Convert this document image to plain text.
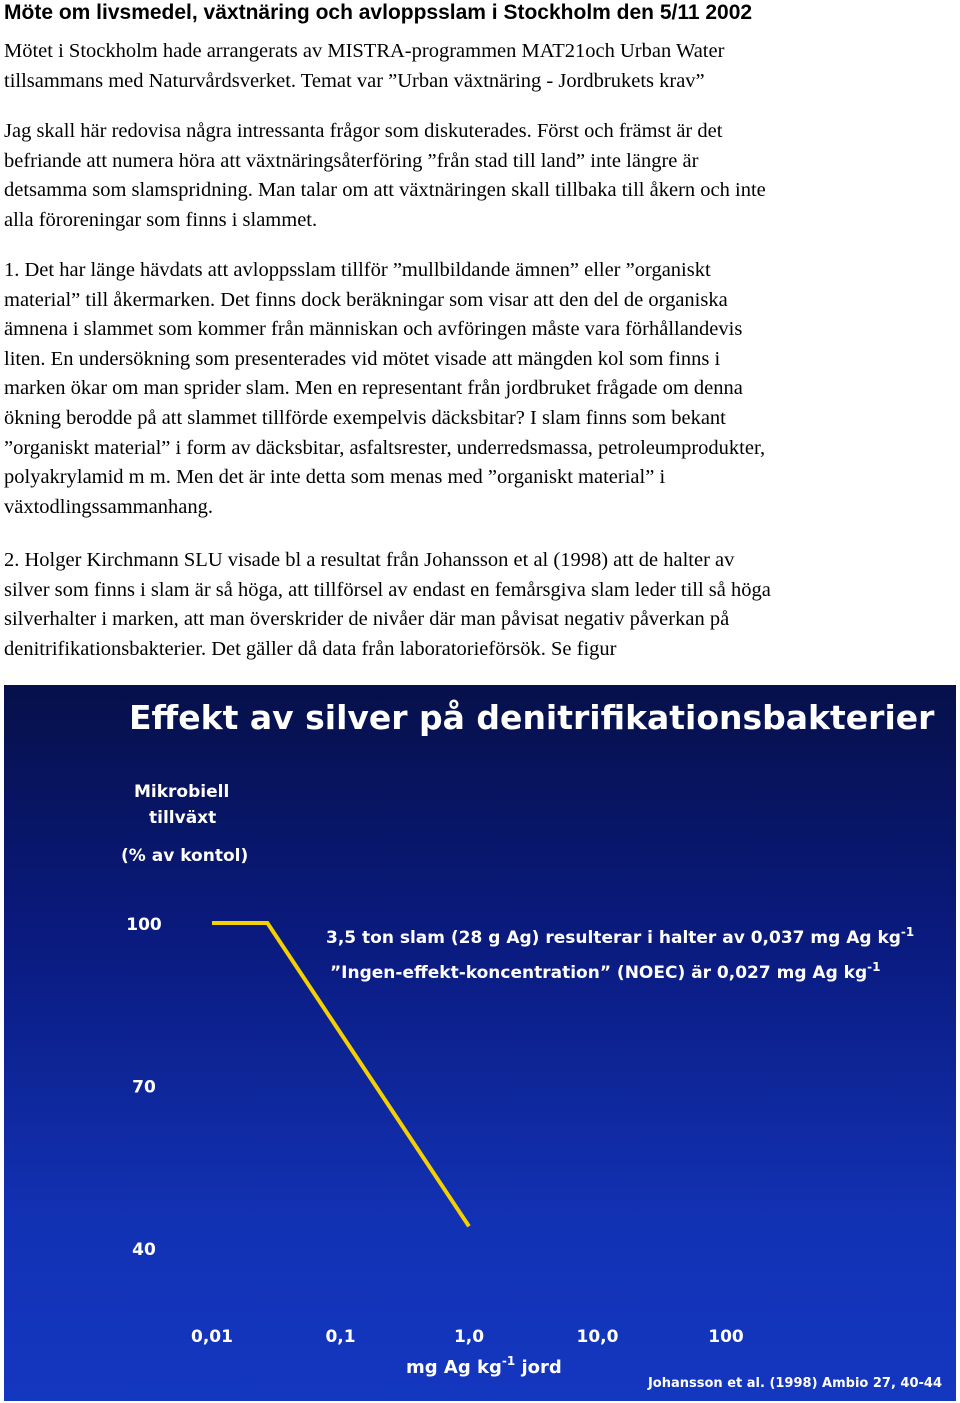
Möte om livsmedel, växtnäring och avloppsslam i Stockholm den 5/11 2002

Mötet i Stockholm hade arrangerats av MISTRA-programmen MAT21och Urban Water
tillsammans med Naturvårdsverket. Temat var ”Urban växtnäring - Jordbrukets krav”

Jag skall här redovisa några intressanta frågor som diskuterades. Först och främst är det
befriande att numera höra att växtnäringsåterföring ”från stad till land” inte längre är
detsamma som slamspridning. Man talar om att växtnäringen skall tillbaka till åkern och inte
alla föroreningar som finns i slammet.

1. Det har länge hävdats att avloppsslam tillför ”mullbildande ämnen” eller ”organiskt
material” till åkermarken. Det finns dock beräkningar som visar att den del de organiska
ämnena i slammet som kommer från människan och avföringen måste vara förhållandevis
liten. En undersökning som presenterades vid mötet visade att mängden kol som finns i
marken ökar om man sprider slam. Men en representant från jordbruket frågade om denna
ökning berodde på att slammet tillförde exempelvis däcksbitar? I slam finns som bekant
”organiskt material” i form av däcksbitar, asfaltsrester, underredsmassa, petroleumprodukter,
polyakrylamid m m. Men det är inte detta som menas med ”organiskt material” i
växtodlingssammanhang.

2. Holger Kirchmann SLU visade bl a resultat från Johansson et al (1998) att de halter av
silver som finns i slam är så höga, att tillförsel av endast en femårsgiva slam leder till så höga
silverhalter i marken, att man överskrider de nivåer där man påvisat negativ påverkan på
denitrifikationsbakterier. Det gäller då data från laboratorieförsök. Se figur

Effekt av silver på denitrifikationsbakterier
Mikrobiell
tillväxt
(% av kontol)
40
70
100
0,01	0,1	1,0	10,0	100
3,5 ton slam (28 g Ag) resulterar i halter av 0,037 mg Ag $kg^{-1}$
”Ingen-effekt-koncentration” (NOEC) är 0,027 mg Ag $kg^{-1}$
mg Ag $kg^{-1}$ jord
Johansson et al. (1998) Ambio 27, 40-44
